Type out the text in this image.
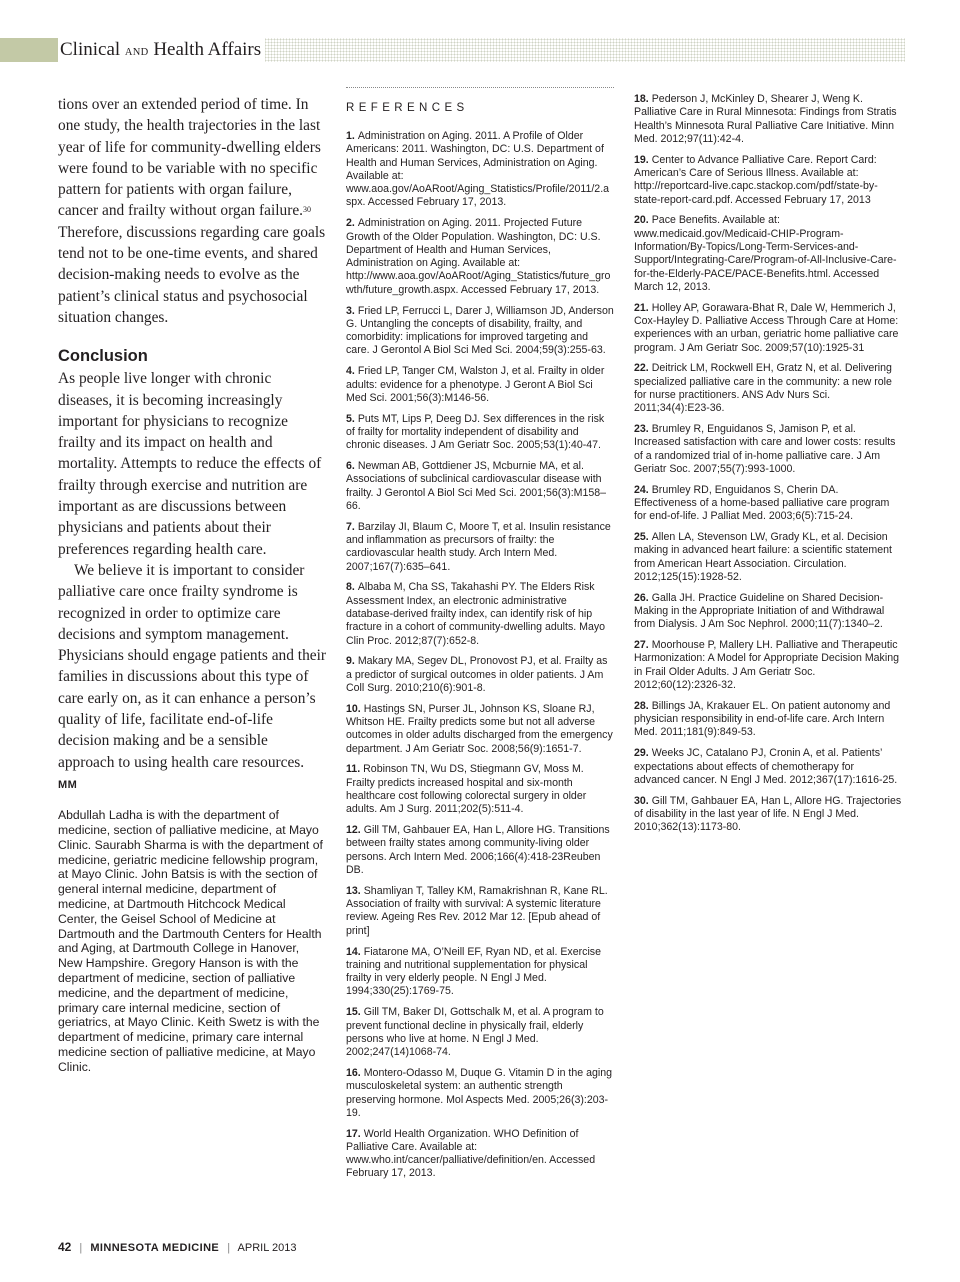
Clinical AND Health Affairs

tions over an extended period of time. In one study, the health trajectories in the last year of life for community-dwelling elders were found to be variable with no specific pattern for patients with organ failure, cancer and frailty without organ failure.$^{30}$ Therefore, discussions regarding care goals tend not to be one-time events, and shared decision-making needs to evolve as the patient’s clinical status and psychosocial situation changes.

Conclusion

As people live longer with chronic diseases, it is becoming increasingly important for physicians to recognize frailty and its impact on health and mortality. Attempts to reduce the effects of frailty through exercise and nutrition are important as are discussions between physicians and patients about their preferences regarding health care.

We believe it is important to consider palliative care once frailty syndrome is recognized in order to optimize care decisions and symptom management. Physicians should engage patients and their families in discussions about this type of care early on, as it can enhance a person’s quality of life, facilitate end-of-life decision making and be a sensible approach to using health care resources. MM

Abdullah Ladha is with the department of medicine, section of palliative medicine, at Mayo Clinic. Saurabh Sharma is with the department of medicine, geriatric medicine fellowship program, at Mayo Clinic. John Batsis is with the section of general internal medicine, department of medicine, at Dartmouth Hitchcock Medical Center, the Geisel School of Medicine at Dartmouth and the Dartmouth Centers for Health and Aging, at Dartmouth College in Hanover, New Hampshire. Gregory Hanson is with the department of medicine, section of palliative medicine, and the department of medicine, primary care internal medicine, section of geriatrics, at Mayo Clinic. Keith Swetz is with the department of medicine, primary care internal medicine section of palliative medicine, at Mayo Clinic.

REFERENCES

1. Administration on Aging. 2011. A Profile of Older Americans: 2011. Washington, DC: U.S. Department of Health and Human Services, Administration on Aging. Available at: www.aoa.gov/AoARoot/Aging_Statistics/Profile/2011/2.aspx. Accessed February 17, 2013.

2. Administration on Aging. 2011. Projected Future Growth of the Older Population. Washington, DC: U.S. Department of Health and Human Services, Administration on Aging. Available at: http://www.aoa.gov/AoARoot/Aging_Statistics/future_growth/future_growth.aspx. Accessed February 17, 2013.

3. Fried LP, Ferrucci L, Darer J, Williamson JD, Anderson G. Untangling the concepts of disability, frailty, and comorbidity: implications for improved targeting and care. J Gerontol A Biol Sci Med Sci. 2004;59(3):255-63.

4. Fried LP, Tanger CM, Walston J, et al. Frailty in older adults: evidence for a phenotype. J Geront A Biol Sci Med Sci. 2001;56(3):M146-56.

5. Puts MT, Lips P, Deeg DJ. Sex differences in the risk of frailty for mortality independent of disability and chronic diseases. J Am Geriatr Soc. 2005;53(1):40-47.

6. Newman AB, Gottdiener JS, Mcburnie MA, et al. Associations of subclinical cardiovascular disease with frailty. J Gerontol A Biol Sci Med Sci. 2001;56(3):M158–66.

7. Barzilay JI, Blaum C, Moore T, et al. Insulin resistance and inflammation as precursors of frailty: the cardiovascular health study. Arch Intern Med. 2007;167(7):635–641.

8. Albaba M, Cha SS, Takahashi PY. The Elders Risk Assessment Index, an electronic administrative database-derived frailty index, can identify risk of hip fracture in a cohort of community-dwelling adults. Mayo Clin Proc. 2012;87(7):652-8.

9. Makary MA, Segev DL, Pronovost PJ, et al. Frailty as a predictor of surgical outcomes in older patients. J Am Coll Surg. 2010;210(6):901-8.

10. Hastings SN, Purser JL, Johnson KS, Sloane RJ, Whitson HE. Frailty predicts some but not all adverse outcomes in older adults discharged from the emergency department. J Am Geriatr Soc. 2008;56(9):1651-7.

11. Robinson TN, Wu DS, Stiegmann GV, Moss M. Frailty predicts increased hospital and six-month healthcare cost following colorectal surgery in older adults. Am J Surg. 2011;202(5):511-4.

12. Gill TM, Gahbauer EA, Han L, Allore HG. Transitions between frailty states among community-living older persons. Arch Intern Med. 2006;166(4):418-23Reuben DB.

13. Shamliyan T, Talley KM, Ramakrishnan R, Kane RL. Association of frailty with survival: A systemic literature review. Ageing Res Rev. 2012 Mar 12. [Epub ahead of print]

14. Fiatarone MA, O’Neill EF, Ryan ND, et al. Exercise training and nutritional supplementation for physical frailty in very elderly people. N Engl J Med. 1994;330(25):1769-75.

15. Gill TM, Baker DI, Gottschalk M, et al. A program to prevent functional decline in physically frail, elderly persons who live at home. N Engl J Med. 2002;247(14)1068-74.

16. Montero-Odasso M, Duque G. Vitamin D in the aging musculoskeletal system: an authentic strength preserving hormone. Mol Aspects Med. 2005;26(3):203-19.

17. World Health Organization. WHO Definition of Palliative Care. Available at: www.who.int/cancer/palliative/definition/en. Accessed February 17, 2013.

18. Pederson J, McKinley D, Shearer J, Weng K. Palliative Care in Rural Minnesota: Findings from Stratis Health’s Minnesota Rural Palliative Care Initiative. Minn Med. 2012;97(11):42-4.

19. Center to Advance Palliative Care. Report Card: American’s Care of Serious Illness. Available at: http://reportcard-live.capc.stackop.com/pdf/state-by-state-report-card.pdf. Accessed February 17, 2013

20. Pace Benefits. Available at: www.medicaid.gov/Medicaid-CHIP-Program-Information/By-Topics/Long-Term-Services-and-Support/Integrating-Care/Program-of-All-Inclusive-Care-for-the-Elderly-PACE/PACE-Benefits.html. Accessed March 12, 2013.

21. Holley AP, Gorawara-Bhat R, Dale W, Hemmerich J, Cox-Hayley D. Palliative Access Through Care at Home: experiences with an urban, geriatric home palliative care program. J Am Geriatr Soc. 2009;57(10):1925-31

22. Deitrick LM, Rockwell EH, Gratz N, et al. Delivering specialized palliative care in the community: a new role for nurse practitioners. ANS Adv Nurs Sci. 2011;34(4):E23-36.

23. Brumley R, Enguidanos S, Jamison P, et al. Increased satisfaction with care and lower costs: results of a randomized trial of in-home palliative care. J Am Geriatr Soc. 2007;55(7):993-1000.

24. Brumley RD, Enguidanos S, Cherin DA. Effectiveness of a home-based palliative care program for end-of-life. J Palliat Med. 2003;6(5):715-24.

25. Allen LA, Stevenson LW, Grady KL, et al. Decision making in advanced heart failure: a scientific statement from American Heart Association. Circulation. 2012;125(15):1928-52.

26. Galla JH. Practice Guideline on Shared Decision-Making in the Appropriate Initiation of and Withdrawal from Dialysis. J Am Soc Nephrol. 2000;11(7):1340–2.

27. Moorhouse P, Mallery LH. Palliative and Therapeutic Harmonization: A Model for Appropriate Decision Making in Frail Older Adults. J Am Geriatr Soc. 2012;60(12):2326-32.

28. Billings JA, Krakauer EL. On patient autonomy and physician responsibility in end-of-life care. Arch Intern Med. 2011;181(9):849-53.

29. Weeks JC, Catalano PJ, Cronin A, et al. Patients’ expectations about effects of chemotherapy for advanced cancer. N Engl J Med. 2012;367(17):1616-25.

30. Gill TM, Gahbauer EA, Han L, Allore HG. Trajectories of disability in the last year of life. N Engl J Med. 2010;362(13):1173-80.

42 | MINNESOTA MEDICINE | APRIL 2013
